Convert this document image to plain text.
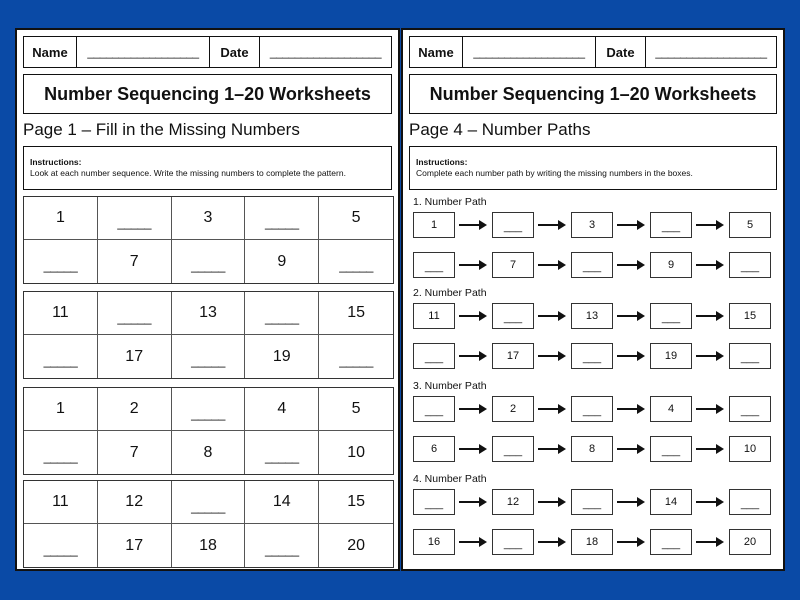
Name	__________________	Date	__________________
Number Sequencing 1–20 Worksheets
Page 1 – Fill in the Missing Numbers
Instructions:
Look at each number sequence. Write the missing numbers to complete the pattern.
1	_____	3	_____	5
_____	7	_____	9	_____
11	_____	13	_____	15
_____	17	_____	19	_____
1	2	_____	4	5
_____	7	8	_____	10
11	12	_____	14	15
_____	17	18	_____	20
Name	__________________	Date	__________________
Number Sequencing 1–20 Worksheets
Page 4 – Number Paths
Instructions:
Complete each number path by writing the missing numbers in the boxes.
1. Number Path
1	___	3	___	5
___	7	___	9	___
2. Number Path
11	___	13	___	15
___	17	___	19	___
3. Number Path
___	2	___	4	___
6	___	8	___	10
4. Number Path
___	12	___	14	___
16	___	18	___	20
